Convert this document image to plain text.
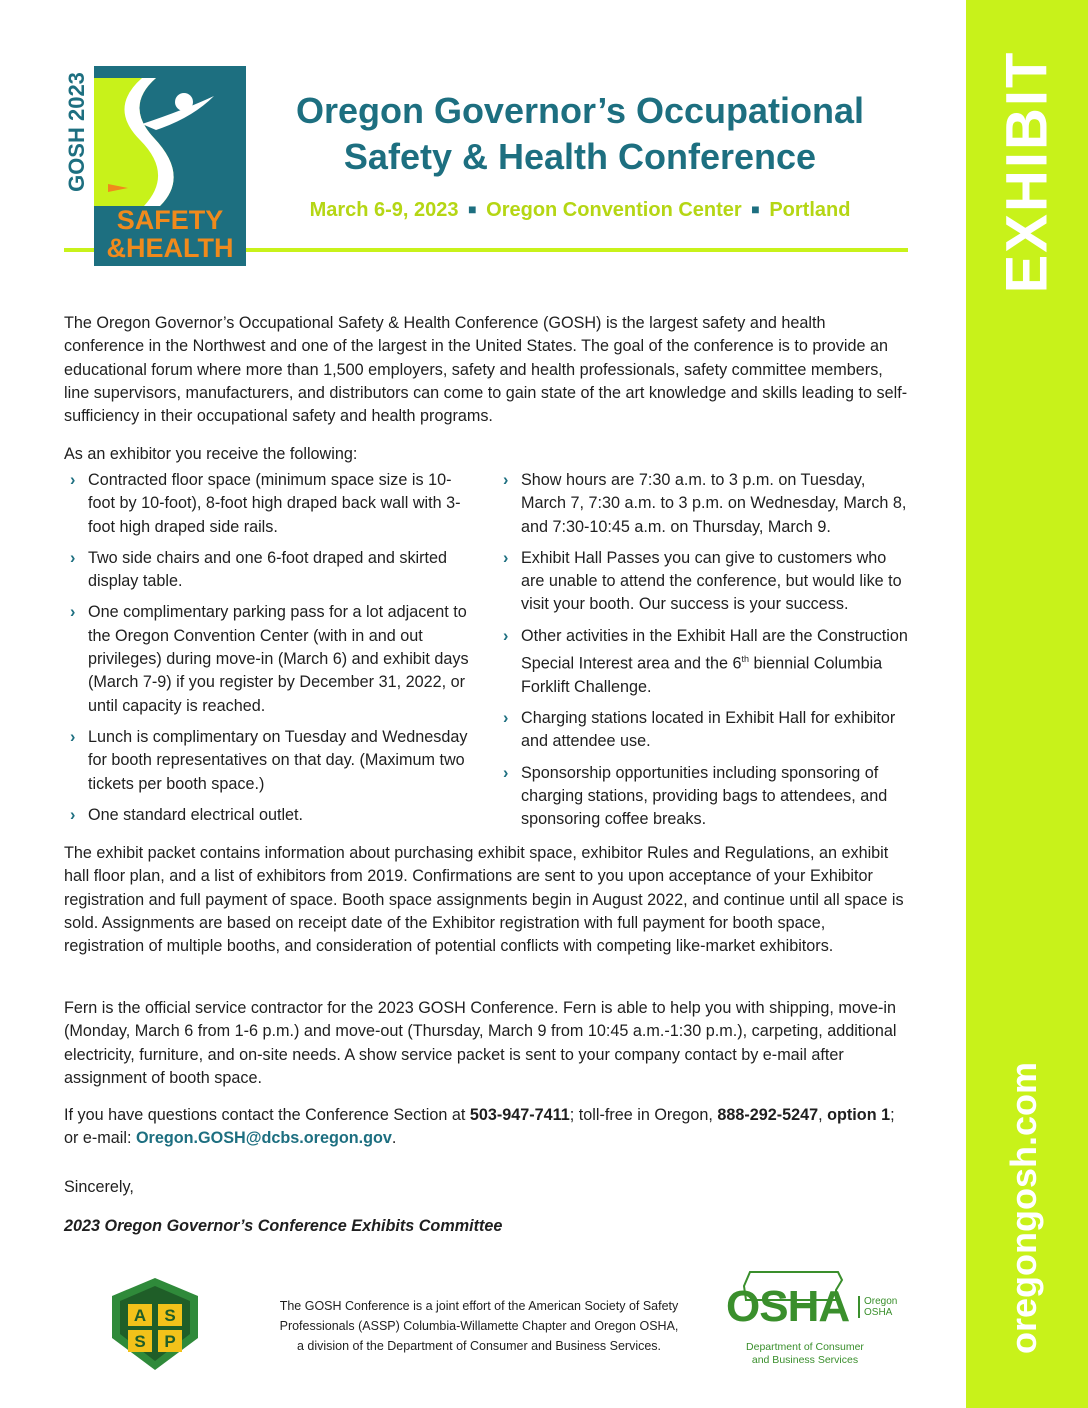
EXHIBIT
oregongosh.com
GOSH 2023
SAFETY
&HEALTH
Oregon Governor’s Occupational
Safety & Health Conference
March 6-9, 2023 ■ Oregon Convention Center ■ Portland

The Oregon Governor’s Occupational Safety & Health Conference (GOSH) is the largest safety and health conference in the Northwest and one of the largest in the United States. The goal of the conference is to provide an educational forum where more than 1,500 employers, safety and health professionals, safety committee members, line supervisors, manufacturers, and distributors can come to gain state of the art knowledge and skills leading to self-sufficiency in their occupational safety and health programs.

As an exhibitor you receive the following:

› Contracted floor space (minimum space size is 10-foot by 10-foot), 8-foot high draped back wall with 3-foot high draped side rails.
› Two side chairs and one 6-foot draped and skirted display table.
› One complimentary parking pass for a lot adjacent to the Oregon Convention Center (with in and out privileges) during move-in (March 6) and exhibit days (March 7-9) if you register by December 31, 2022, or until capacity is reached.
› Lunch is complimentary on Tuesday and Wednesday for booth representatives on that day. (Maximum two tickets per booth space.)
› One standard electrical outlet.
› Show hours are 7:30 a.m. to 3 p.m. on Tuesday, March 7, 7:30 a.m. to 3 p.m. on Wednesday, March 8, and 7:30-10:45 a.m. on Thursday, March 9.
› Exhibit Hall Passes you can give to customers who are unable to attend the conference, but would like to visit your booth. Our success is your success.
› Other activities in the Exhibit Hall are the Construction Special Interest area and the 6th biennial Columbia Forklift Challenge.
› Charging stations located in Exhibit Hall for exhibitor and attendee use.
› Sponsorship opportunities including sponsoring of charging stations, providing bags to attendees, and sponsoring coffee breaks.

The exhibit packet contains information about purchasing exhibit space, exhibitor Rules and Regulations, an exhibit hall floor plan, and a list of exhibitors from 2019. Confirmations are sent to you upon acceptance of your Exhibitor registration and full payment of space. Booth space assignments begin in August 2022, and continue until all space is sold. Assignments are based on receipt date of the Exhibitor registration with full payment for booth space, registration of multiple booths, and consideration of potential conflicts with competing like-market exhibitors.

Fern is the official service contractor for the 2023 GOSH Conference. Fern is able to help you with shipping, move-in (Monday, March 6 from 1-6 p.m.) and move-out (Thursday, March 9 from 10:45 a.m.-1:30 p.m.), carpeting, additional electricity, furniture, and on-site needs. A show service packet is sent to your company contact by e-mail after assignment of booth space.

If you have questions contact the Conference Section at 503-947-7411; toll-free in Oregon, 888-292-5247, option 1; or e-mail: Oregon.GOSH@dcbs.oregon.gov.

Sincerely,

2023 Oregon Governor’s Conference Exhibits Committee

A S
S P

The GOSH Conference is a joint effort of the American Society of Safety
Professionals (ASSP) Columbia-Willamette Chapter and Oregon OSHA,
a division of the Department of Consumer and Business Services.

OSHA Oregon
OSHA
Department of Consumer
and Business Services
